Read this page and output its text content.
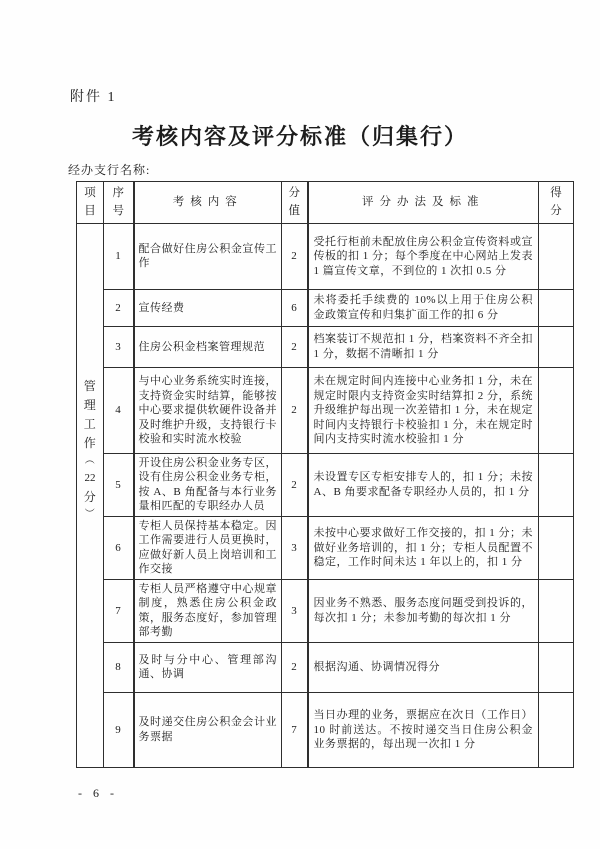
附件 1
考核内容及评分标准（归集行）
经办支行名称:
项目	序号	考核内容	分值	评分办法及标准	得分

管
理
工
作
︵
22
分
︶
	1	配合做好住房公积金宣传工作	2	受托行柜前未配放住房公积金宣传资料或宣传板的扣 1 分；每个季度在中心网站上发表 1 篇宣传文章，不到位的 1 次扣 0.5 分	
	2	宣传经费	6	未将委托手续费的 10%以上用于住房公积金政策宣传和归集扩面工作的扣 6 分	
	3	住房公积金档案管理规范	2	档案装订不规范扣 1 分，档案资料不齐全扣 1 分，数据不清晰扣 1 分	
	4	与中心业务系统实时连接，支持资金实时结算，能够按中心要求提供软硬件设备并及时维护升级，支持银行卡校验和实时流水校验	2	未在规定时间内连接中心业务扣 1 分，未在规定时限内支持资金实时结算扣 2 分，系统升级维护每出现一次差错扣 1 分，未在规定时间内支持银行卡校验扣 1 分，未在规定时间内支持实时流水校验扣 1 分	
	5	开设住房公积金业务专区，设有住房公积金业务专柜，按 A、B 角配备与本行业务量相匹配的专职经办人员	2	未设置专区专柜安排专人的，扣 1 分；未按 A、B 角要求配备专职经办人员的，扣 1 分	
	6	专柜人员保持基本稳定。因工作需要进行人员更换时，应做好新人员上岗培训和工作交接	3	未按中心要求做好工作交接的，扣 1 分；未做好业务培训的，扣 1 分；专柜人员配置不稳定，工作时间未达 1 年以上的，扣 1 分	
	7	专柜人员严格遵守中心规章制度，熟悉住房公积金政策，服务态度好，参加管理部考勤	3	因业务不熟悉、服务态度问题受到投诉的，每次扣 1 分；未参加考勤的每次扣 1 分	
	8	及时与分中心、管理部沟通、协调	2	根据沟通、协调情况得分	
	9	及时递交住房公积金会计业务票据	7	当日办理的业务，票据应在次日（工作日）10 时前送达。不按时递交当日住房公积金业务票据的，每出现一次扣 1 分	
- 6 -
